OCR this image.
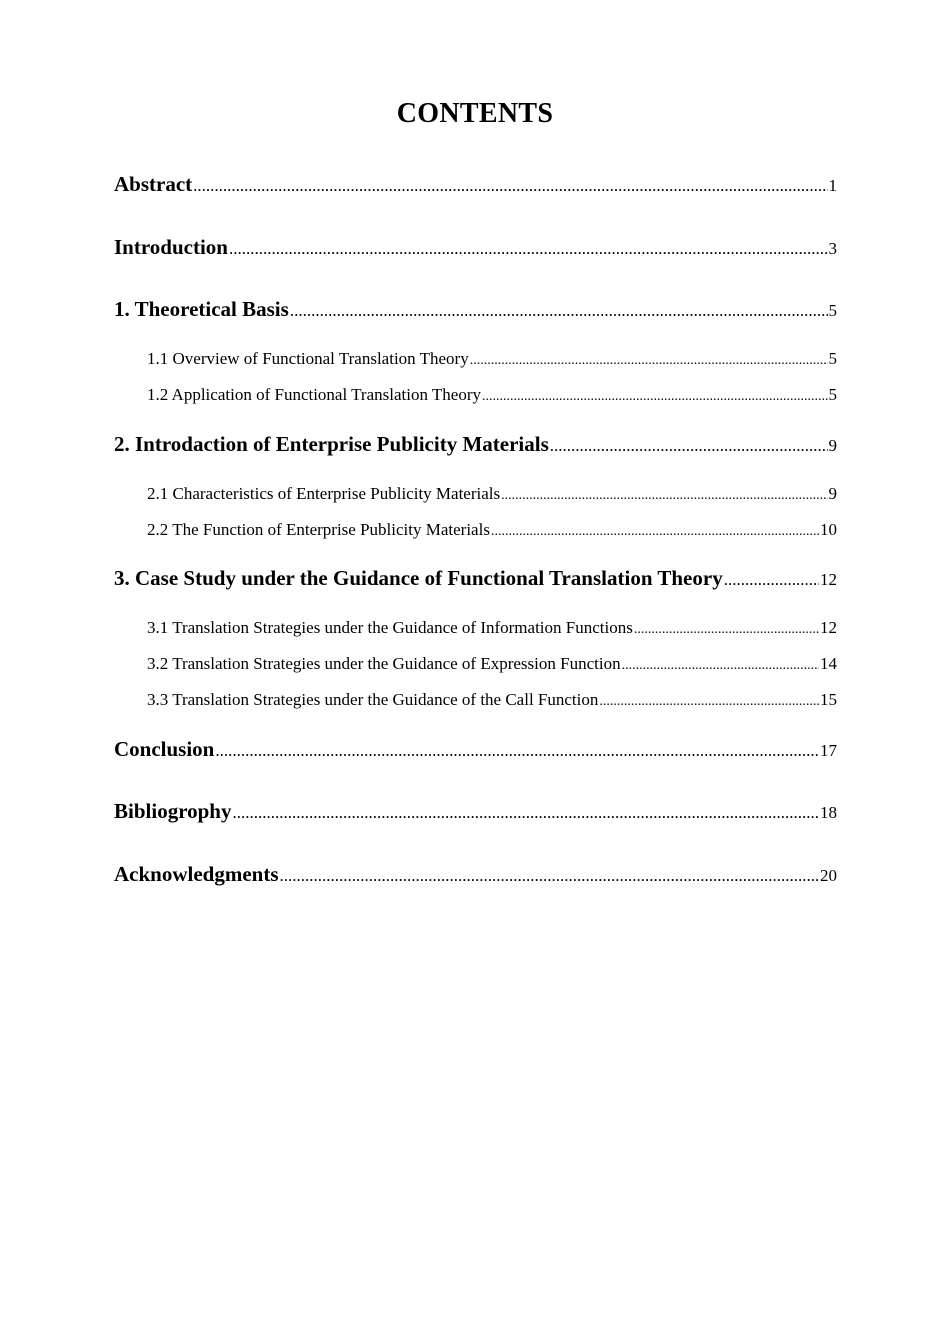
CONTENTS
Abstract .....	1
Introduction .....	3
1. Theoretical Basis .....	5
1.1 Overview of Functional Translation Theory .....	5
1.2 Application of Functional Translation Theory .....	5
2. Introdaction of Enterprise Publicity Materials .....	9
2.1 Characteristics of Enterprise Publicity Materials .....	9
2.2 The Function of Enterprise Publicity Materials .....	10
3. Case Study under the Guidance of Functional Translation Theory .....	12
3.1 Translation Strategies under the Guidance of Information Functions .....	12
3.2 Translation Strategies under the Guidance of Expression Function .....	14
3.3 Translation Strategies under the Guidance of the Call Function .....	15
Conclusion .....	17
Bibliogrophy .....	18
Acknowledgments .....	20
